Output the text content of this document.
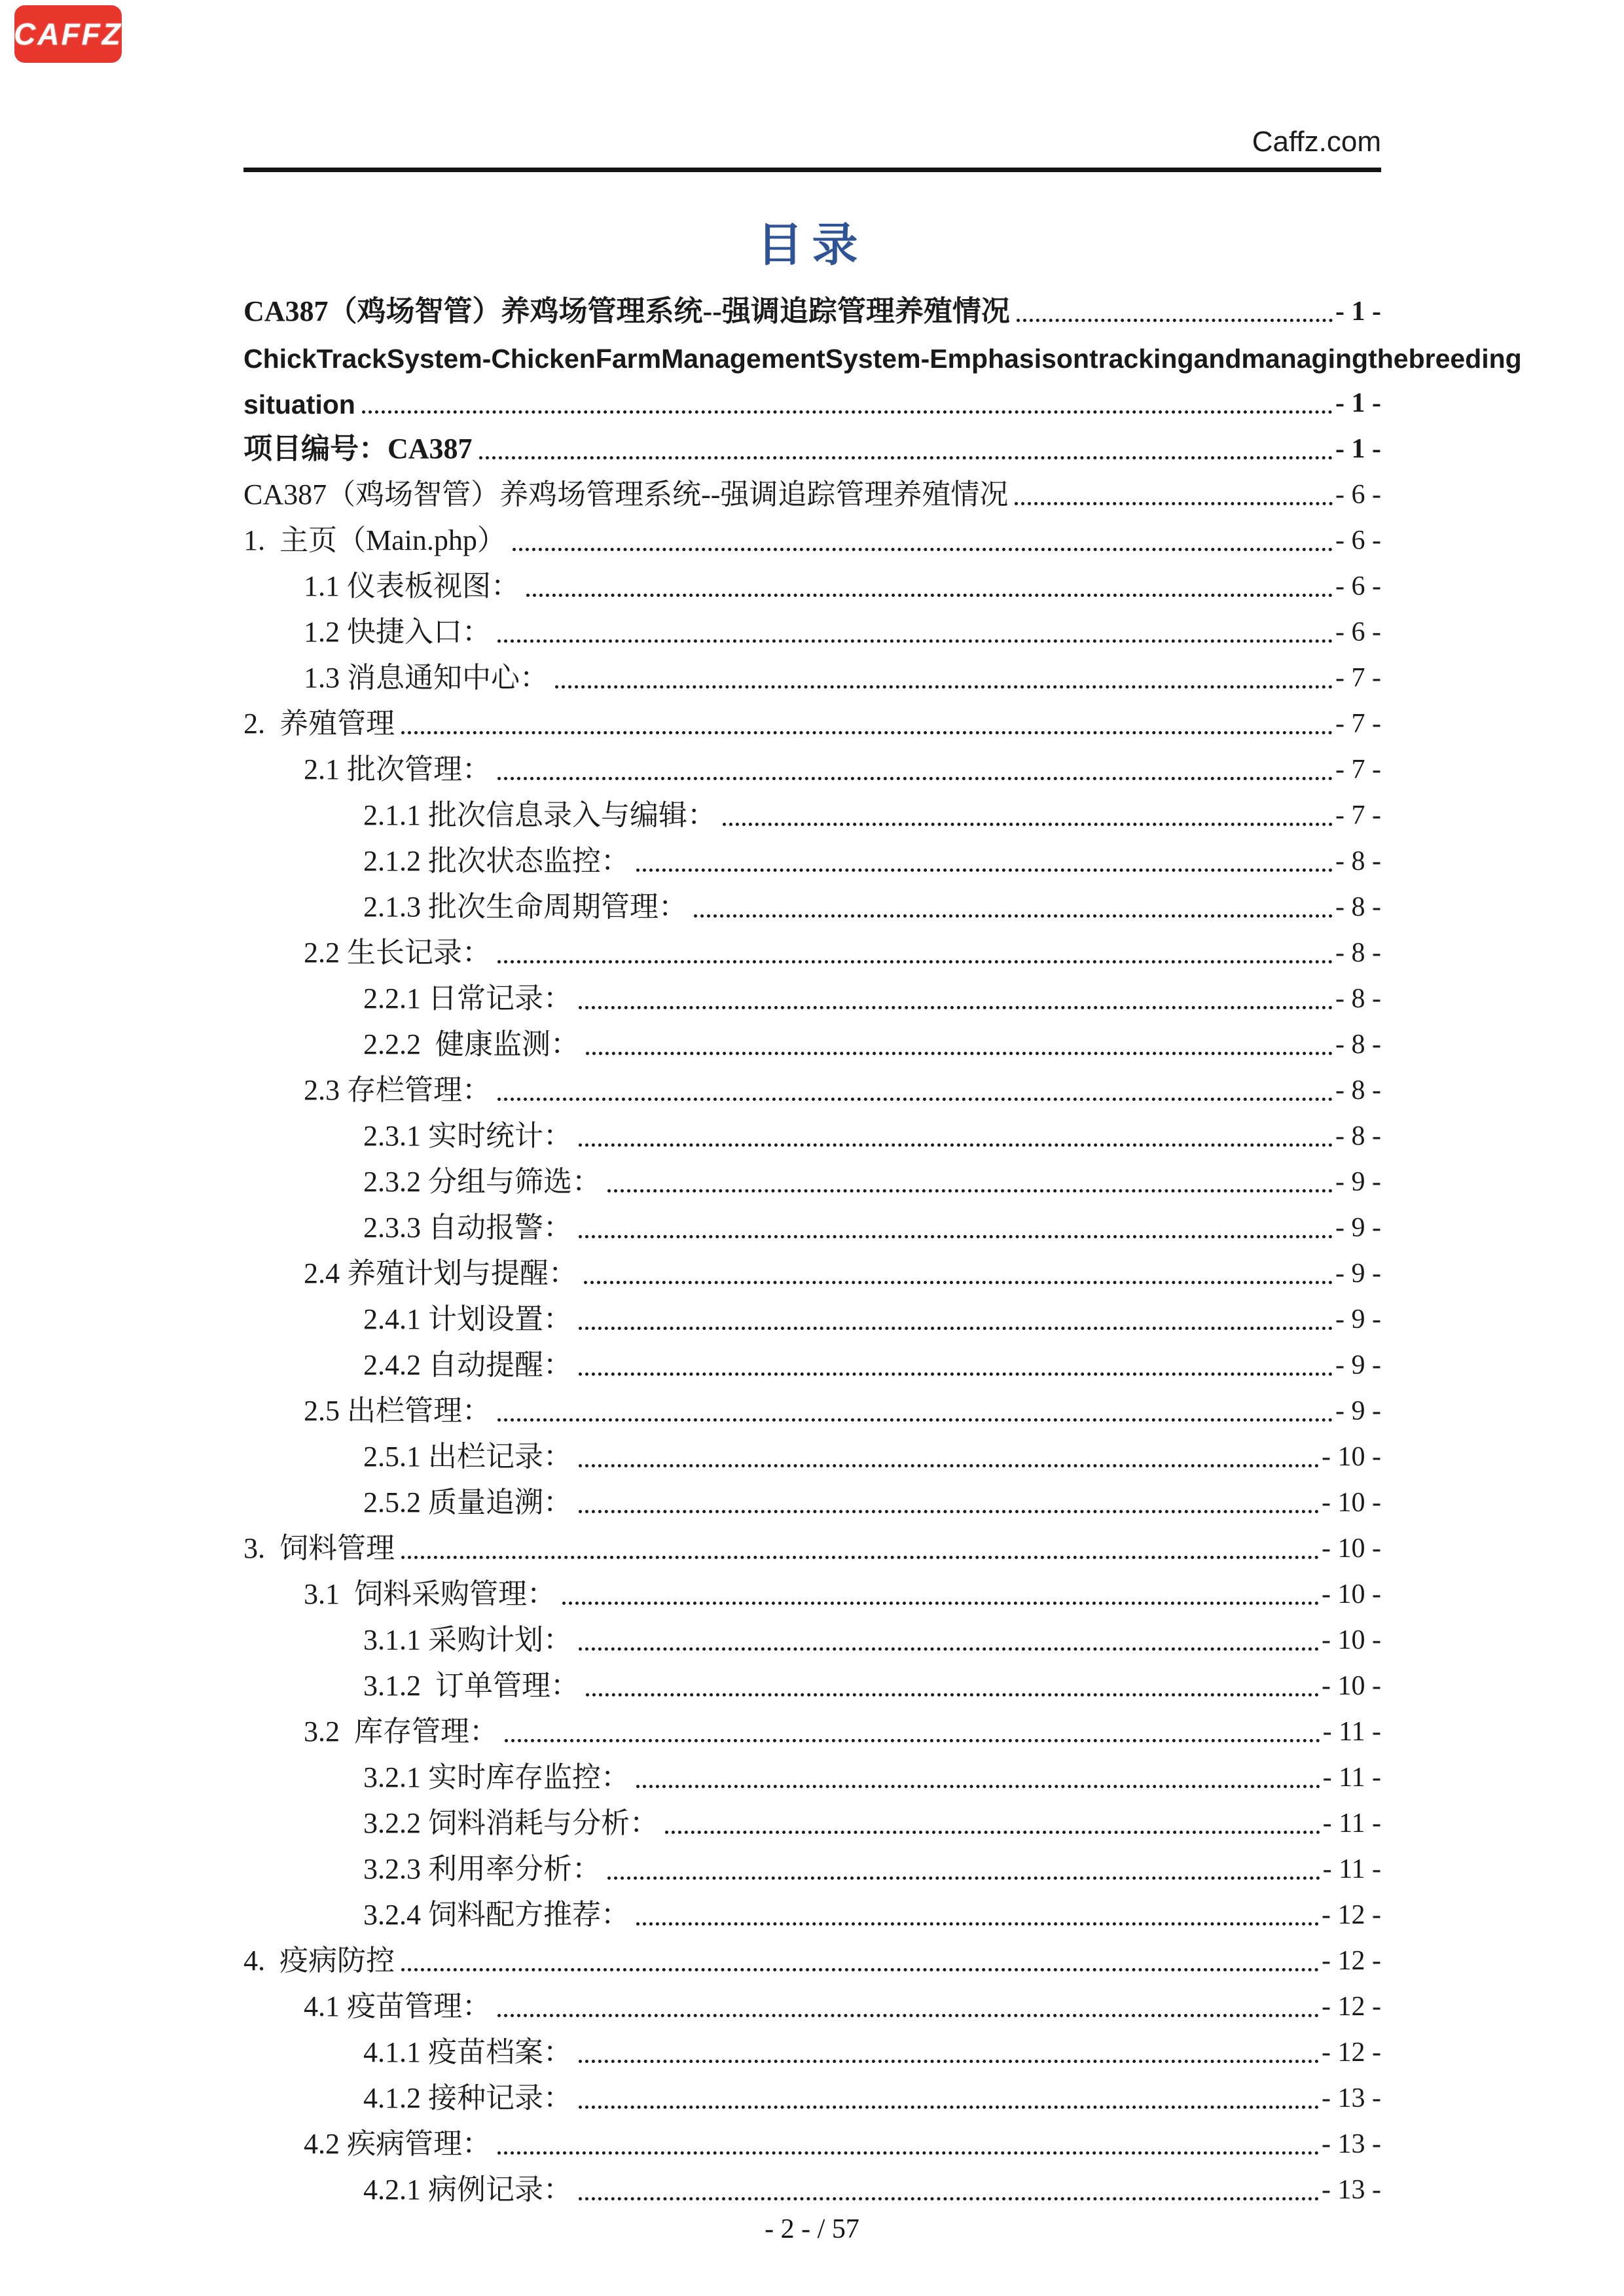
CAFFZ
Caffz.com
目录
CA387（鸡场智管）养鸡场管理系统--强调追踪管理养殖情况	- 1 -
ChickTrackSystem- Chicken Farm Management System - Emphasis on tracking and managing the breeding
situation	- 1 -
项目编号：CA387	- 1 -
CA387（鸡场智管）养鸡场管理系统--强调追踪管理养殖情况	- 6 -
1.  主页（Main.php）	- 6 -
1.1 仪表板视图：	- 6 -
1.2 快捷入口：	- 6 -
1.3 消息通知中心：	- 7 -
2.  养殖管理	- 7 -
2.1 批次管理：	- 7 -
2.1.1 批次信息录入与编辑：	- 7 -
2.1.2 批次状态监控：	- 8 -
2.1.3 批次生命周期管理：	- 8 -
2.2 生长记录：	- 8 -
2.2.1 日常记录：	- 8 -
2.2.2  健康监测：	- 8 -
2.3 存栏管理：	- 8 -
2.3.1 实时统计：	- 8 -
2.3.2 分组与筛选：	- 9 -
2.3.3 自动报警：	- 9 -
2.4 养殖计划与提醒：	- 9 -
2.4.1 计划设置：	- 9 -
2.4.2 自动提醒：	- 9 -
2.5 出栏管理：	- 9 -
2.5.1 出栏记录：	- 10 -
2.5.2 质量追溯：	- 10 -
3.  饲料管理	- 10 -
3.1  饲料采购管理：	- 10 -
3.1.1 采购计划：	- 10 -
3.1.2  订单管理：	- 10 -
3.2  库存管理：	- 11 -
3.2.1 实时库存监控：	- 11 -
3.2.2 饲料消耗与分析：	- 11 -
3.2.3 利用率分析：	- 11 -
3.2.4 饲料配方推荐：	- 12 -
4.  疫病防控	- 12 -
4.1 疫苗管理：	- 12 -
4.1.1 疫苗档案：	- 12 -
4.1.2 接种记录：	- 13 -
4.2 疾病管理：	- 13 -
4.2.1 病例记录：	- 13 -
- 2 - / 57
